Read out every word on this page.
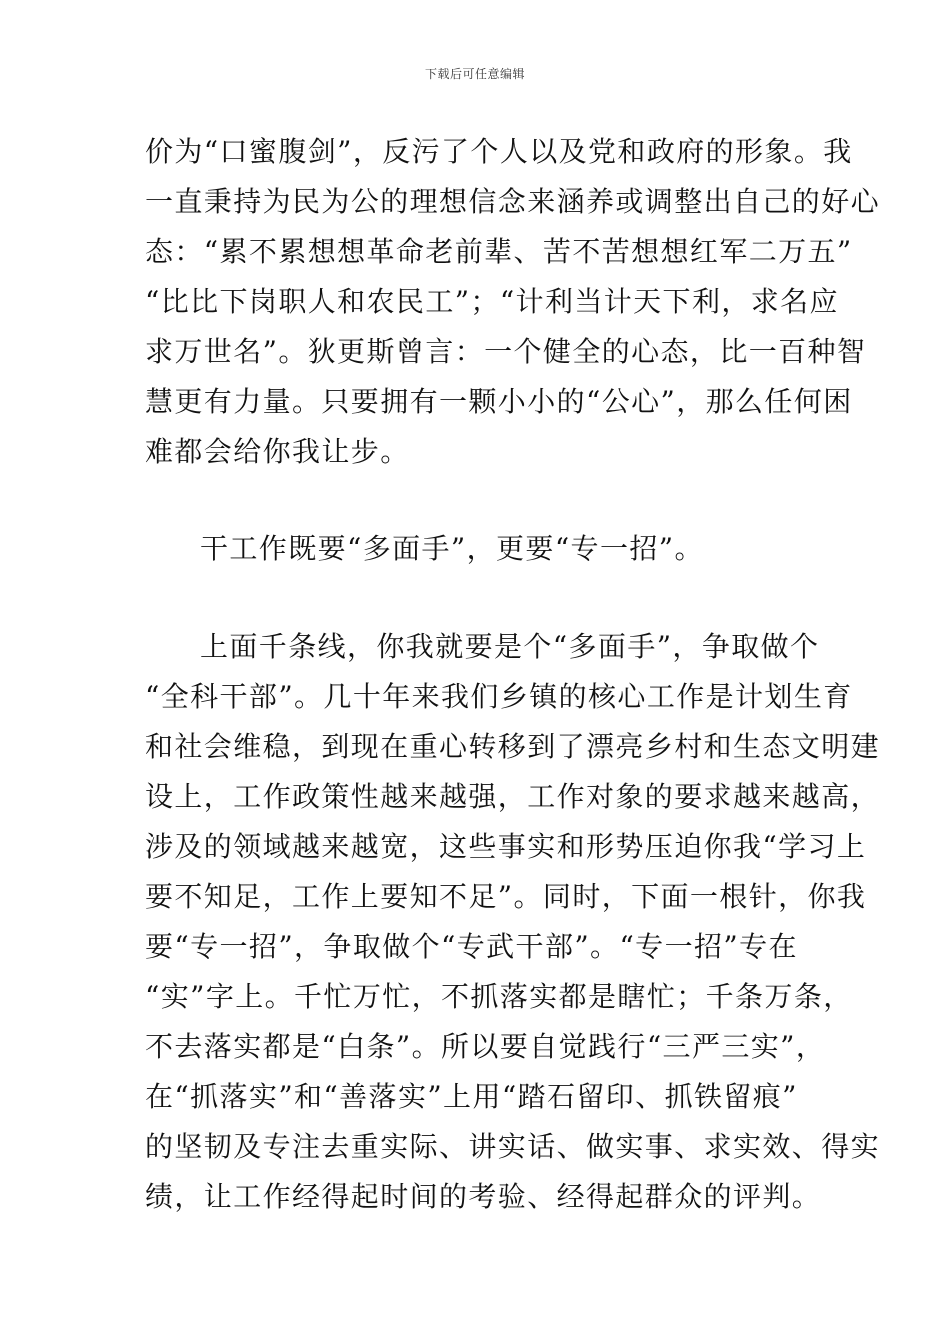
下载后可任意编辑
价为“口蜜腹剑”，反污了个人以及党和政府的形象。我
一直秉持为民为公的理想信念来涵养或调整出自己的好心
态：“累不累想想革命老前辈、苦不苦想想红军二万五”
“比比下岗职人和农民工”；“计利当计天下利，求名应
求万世名”。狄更斯曾言：一个健全的心态，比一百种智
慧更有力量。只要拥有一颗小小的“公心”，那么任何困
难都会给你我让步。
干工作既要“多面手”，更要“专一招”。
上面千条线，你我就要是个“多面手”，争取做个
“全科干部”。几十年来我们乡镇的核心工作是计划生育
和社会维稳，到现在重心转移到了漂亮乡村和生态文明建
设上，工作政策性越来越强，工作对象的要求越来越高，
涉及的领域越来越宽，这些事实和形势压迫你我“学习上
要不知足，工作上要知不足”。同时，下面一根针，你我
要“专一招”，争取做个“专武干部”。“专一招”专在
“实”字上。千忙万忙，不抓落实都是瞎忙；千条万条，
不去落实都是“白条”。所以要自觉践行“三严三实”，
在“抓落实”和“善落实”上用“踏石留印、抓铁留痕”
的坚韧及专注去重实际、讲实话、做实事、求实效、得实
绩，让工作经得起时间的考验、经得起群众的评判。
